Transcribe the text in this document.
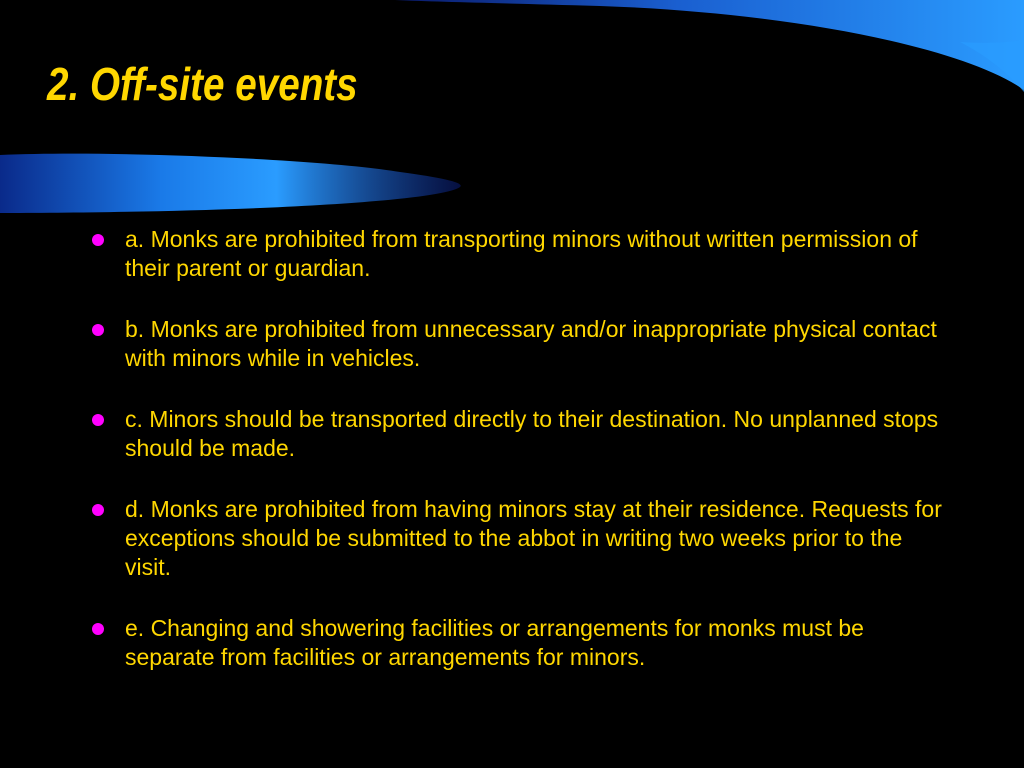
2. Off-site events
a. Monks are prohibited from transporting minors without written permission of their parent or guardian.
b. Monks are prohibited from unnecessary and/or inappropriate physical contact with minors while in vehicles.
c. Minors should be transported directly to their destination. No unplanned stops should be made.
d. Monks are prohibited from having minors stay at their residence. Requests for exceptions should be submitted to the abbot in writing two weeks prior to the visit.
e. Changing and showering facilities or arrangements for monks must be separate from facilities or arrangements for minors.
